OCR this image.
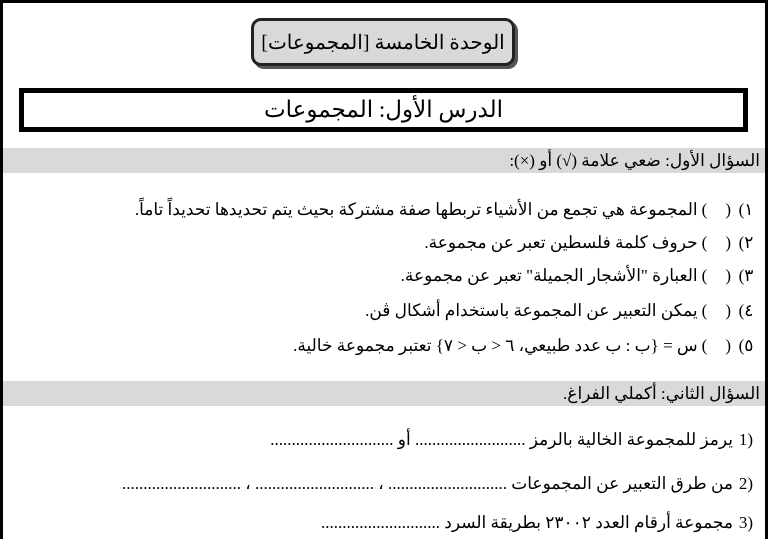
الوحدة الخامسة [المجموعات]
الدرس الأول: المجموعات
السؤال الأول: ضعي علامة (√) أو (×):
١)
()
المجموعة هي تجمع من الأشياء تربطها صفة مشتركة بحيث يتم تحديدها تحديداً تاماً.
٢)
()
حروف كلمة فلسطين تعبر عن مجموعة.
٣)
()
العبارة "الأشجار الجميلة" تعبر عن مجموعة.
٤)
()
يمكن التعبير عن المجموعة باستخدام أشكال ڤن.
٥)
()
س = {ب : ب عدد طبيعي، ٦ < ب < ٧} تعتبر مجموعة خالية.
السؤال الثاني: أكملي الفراغ.
1)
يرمز للمجموعة الخالية بالرمز .......................... أو .............................
2)
من طرق التعبير عن المجموعات ............................ ، ............................ ، ............................
3)
مجموعة أرقام العدد ٢٣٠٠٢ بطريقة السرد ............................
